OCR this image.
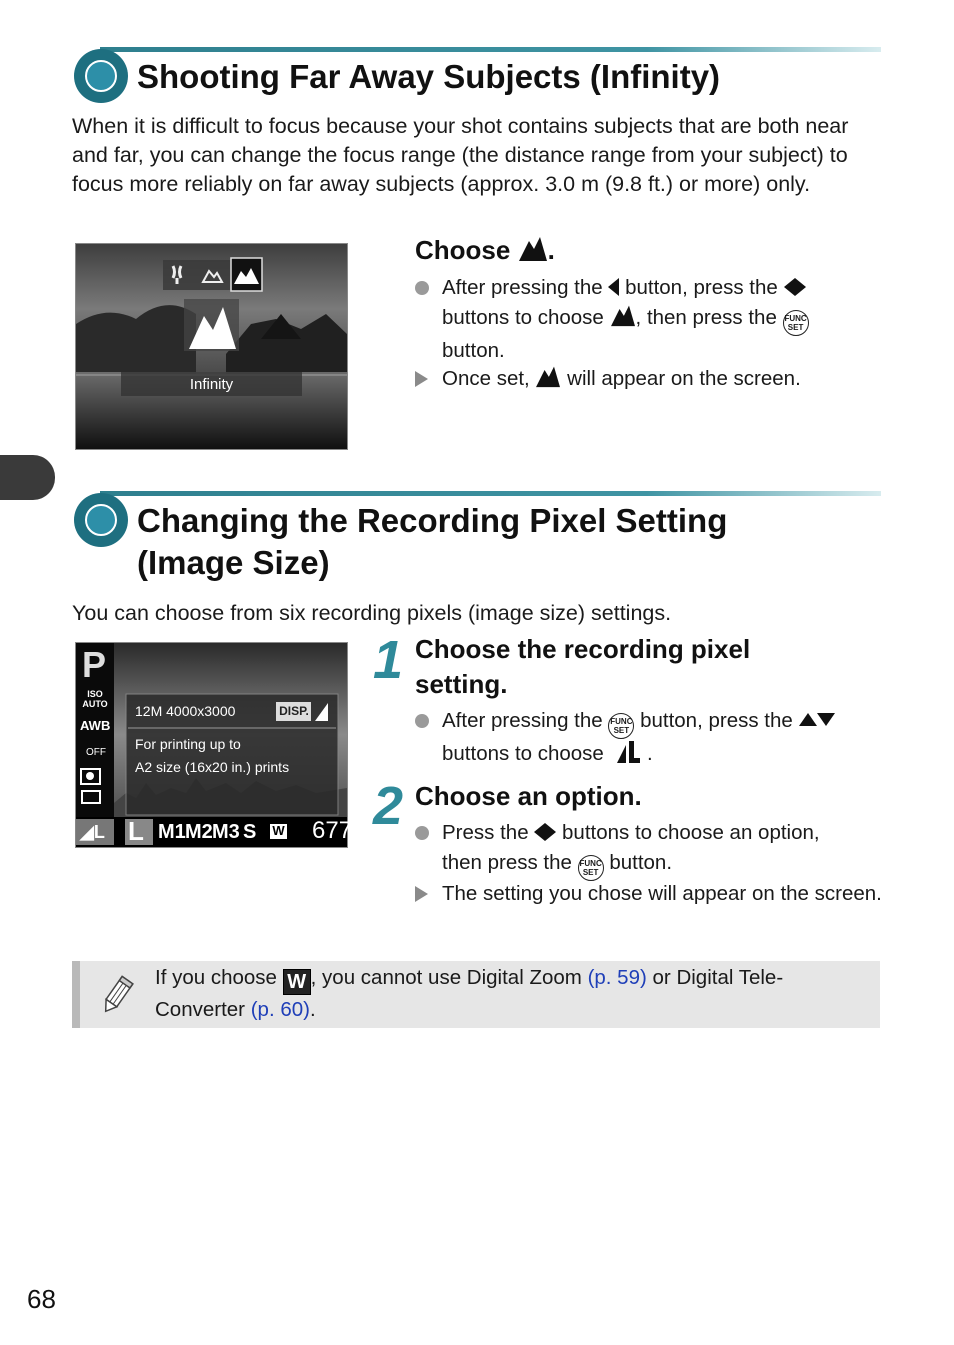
Shooting Far Away Subjects (Infinity)
When it is difficult to focus because your shot contains subjects that are both near and far, you can change the focus range (the distance range from your subject) to focus more reliably on far away subjects (approx. 3.0 m (9.8 ft.) or more) only.
Infinity
Choose .
After pressing the button, press the
buttons to choose , then press the FUNC
SET
button.
Once set, will appear on the screen.
Changing the Recording Pixel Setting
(Image Size)
You can choose from six recording pixels (image size) settings.
P
ISO AUTO
AWB
OFF
12M 4000x3000	DISP.
For printing up to
A2 size (16x20 in.) prints
◢L L M1 M2 M3 S W 677
1 Choose the recording pixel
setting.
After pressing the FUNC
SET button, press the
buttons to choose .
2 Choose an option.
Press the buttons to choose an option,
then press the FUNC
SET button.
The setting you chose will appear on the screen.
If you choose W , you cannot use Digital Zoom (p. 59) or Digital Tele-Converter (p. 60).
68
